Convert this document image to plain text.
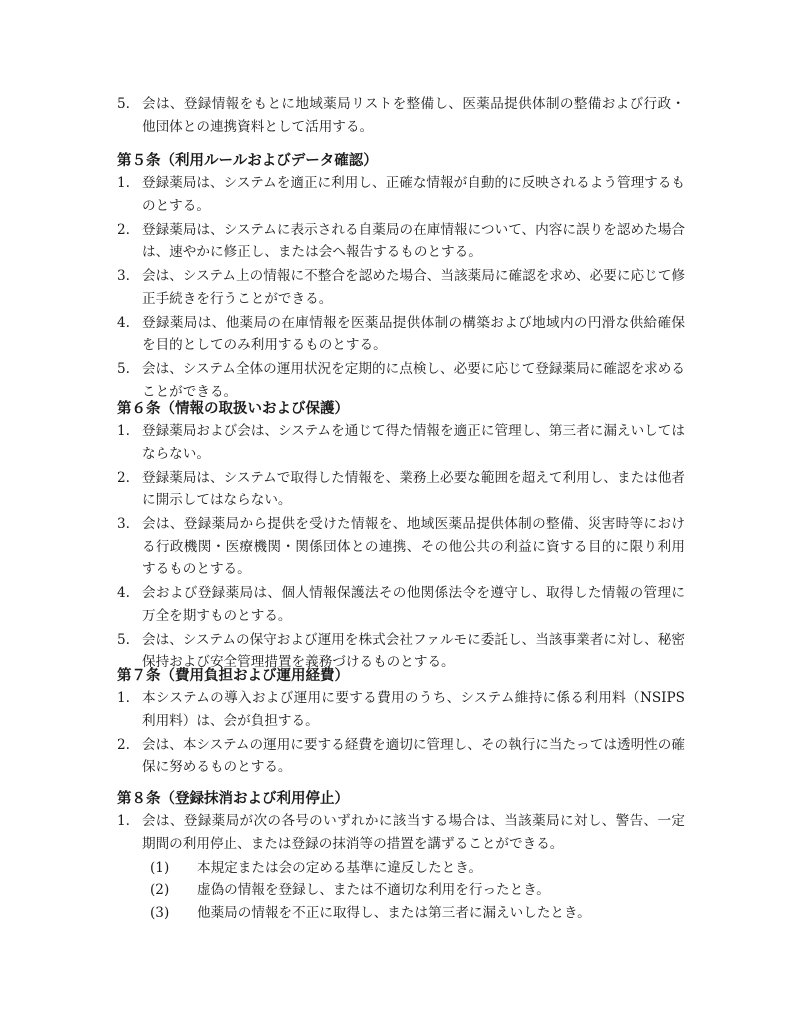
5. 会は、登録情報をもとに地域薬局リストを整備し、医薬品提供体制の整備および行政・他団体との連携資料として活用する。

第５条（利用ルールおよびデータ確認）

1. 登録薬局は、システムを適正に利用し、正確な情報が自動的に反映されるよう管理するものとする。

2. 登録薬局は、システムに表示される自薬局の在庫情報について、内容に誤りを認めた場合は、速やかに修正し、または会へ報告するものとする。

3. 会は、システム上の情報に不整合を認めた場合、当該薬局に確認を求め、必要に応じて修正手続きを行うことができる。

4. 登録薬局は、他薬局の在庫情報を医薬品提供体制の構築および地域内の円滑な供給確保を目的としてのみ利用するものとする。

5. 会は、システム全体の運用状況を定期的に点検し、必要に応じて登録薬局に確認を求めることができる。

第６条（情報の取扱いおよび保護）

1. 登録薬局および会は、システムを通じて得た情報を適正に管理し、第三者に漏えいしてはならない。

2. 登録薬局は、システムで取得した情報を、業務上必要な範囲を超えて利用し、または他者に開示してはならない。

3. 会は、登録薬局から提供を受けた情報を、地域医薬品提供体制の整備、災害時等における行政機関・医療機関・関係団体との連携、その他公共の利益に資する目的に限り利用するものとする。

4. 会および登録薬局は、個人情報保護法その他関係法令を遵守し、取得した情報の管理に万全を期すものとする。

5. 会は、システムの保守および運用を株式会社ファルモに委託し、当該事業者に対し、秘密保持および安全管理措置を義務づけるものとする。

第７条（費用負担および運用経費）

1. 本システムの導入および運用に要する費用のうち、システム維持に係る利用料（NSIPS利用料）は、会が負担する。

2. 会は、本システムの運用に要する経費を適切に管理し、その執行に当たっては透明性の確保に努めるものとする。

第８条（登録抹消および利用停止）

1. 会は、登録薬局が次の各号のいずれかに該当する場合は、当該薬局に対し、警告、一定期間の利用停止、または登録の抹消等の措置を講ずることができる。

(1) 本規定または会の定める基準に違反したとき。
(2) 虚偽の情報を登録し、または不適切な利用を行ったとき。
(3) 他薬局の情報を不正に取得し、または第三者に漏えいしたとき。
